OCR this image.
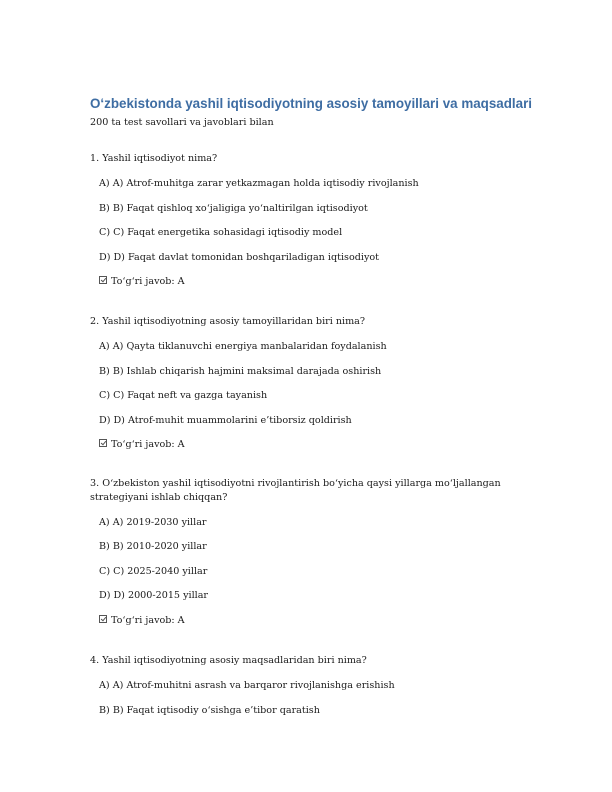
O‘zbekistonda yashil iqtisodiyotning asosiy tamoyillari va maqsadlari
200 ta test savollari va javoblari bilan

1. Yashil iqtisodiyot nima?

A) A) Atrof-muhitga zarar yetkazmagan holda iqtisodiy rivojlanish
B) B) Faqat qishloq xo‘jaligiga yo‘naltirilgan iqtisodiyot
C) C) Faqat energetika sohasidagi iqtisodiy model
D) D) Faqat davlat tomonidan boshqariladigan iqtisodiyot
To‘g‘ri javob: A

2. Yashil iqtisodiyotning asosiy tamoyillaridan biri nima?

A) A) Qayta tiklanuvchi energiya manbalaridan foydalanish
B) B) Ishlab chiqarish hajmini maksimal darajada oshirish
C) C) Faqat neft va gazga tayanish
D) D) Atrof-muhit muammolarini e’tiborsiz qoldirish
To‘g‘ri javob: A

3. O‘zbekiston yashil iqtisodiyotni rivojlantirish bo‘yicha qaysi yillarga mo‘ljallangan strategiyani ishlab chiqqan?

A) A) 2019-2030 yillar
B) B) 2010-2020 yillar
C) C) 2025-2040 yillar
D) D) 2000-2015 yillar
To‘g‘ri javob: A

4. Yashil iqtisodiyotning asosiy maqsadlaridan biri nima?

A) A) Atrof-muhitni asrash va barqaror rivojlanishga erishish
B) B) Faqat iqtisodiy o‘sishga e’tibor qaratish
